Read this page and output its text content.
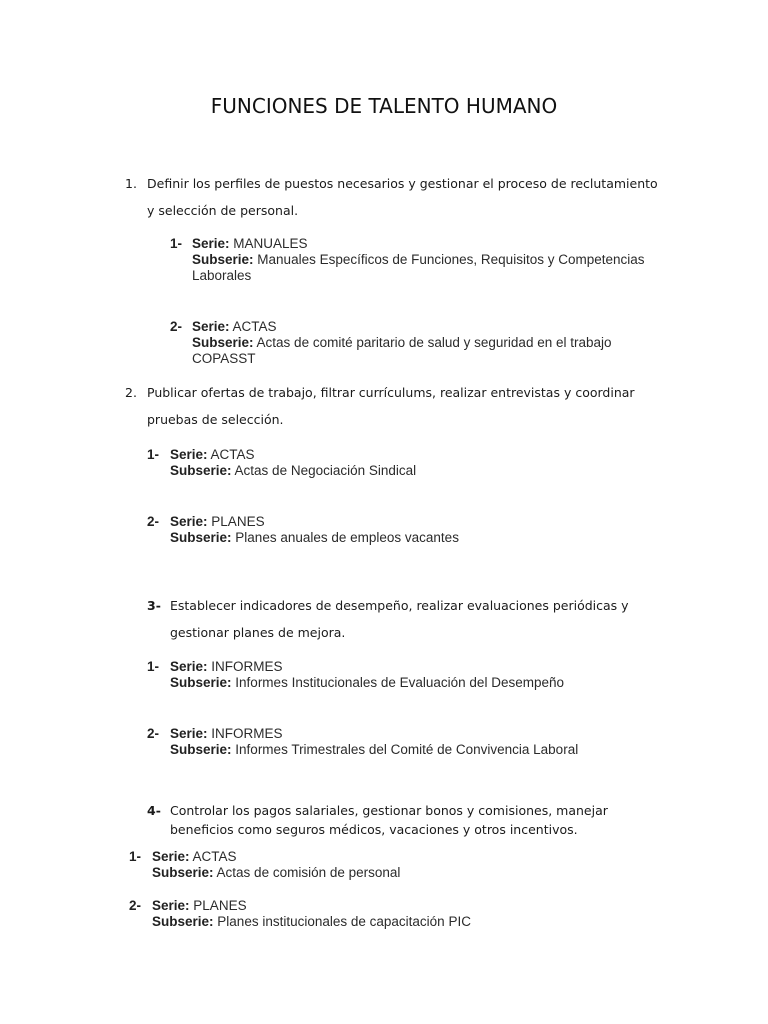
FUNCIONES DE TALENTO HUMANO
1. Definir los perfiles de puestos necesarios y gestionar el proceso de reclutamiento y selección de personal.
1- Serie: MANUALES
Subserie: Manuales Específicos de Funciones, Requisitos y Competencias Laborales
2- Serie: ACTAS
Subserie: Actas de comité paritario de salud y seguridad en el trabajo COPASST
2. Publicar ofertas de trabajo, filtrar currículums, realizar entrevistas y coordinar pruebas de selección.
1- Serie: ACTAS
Subserie: Actas de Negociación Sindical
2- Serie: PLANES
Subserie: Planes anuales de empleos vacantes
3- Establecer indicadores de desempeño, realizar evaluaciones periódicas y gestionar planes de mejora.
1- Serie: INFORMES
Subserie: Informes Institucionales de Evaluación del Desempeño
2- Serie: INFORMES
Subserie: Informes Trimestrales del Comité de Convivencia Laboral
4- Controlar los pagos salariales, gestionar bonos y comisiones, manejar beneficios como seguros médicos, vacaciones y otros incentivos.
1- Serie: ACTAS
Subserie: Actas de comisión de personal
2- Serie: PLANES
Subserie: Planes institucionales de capacitación PIC
